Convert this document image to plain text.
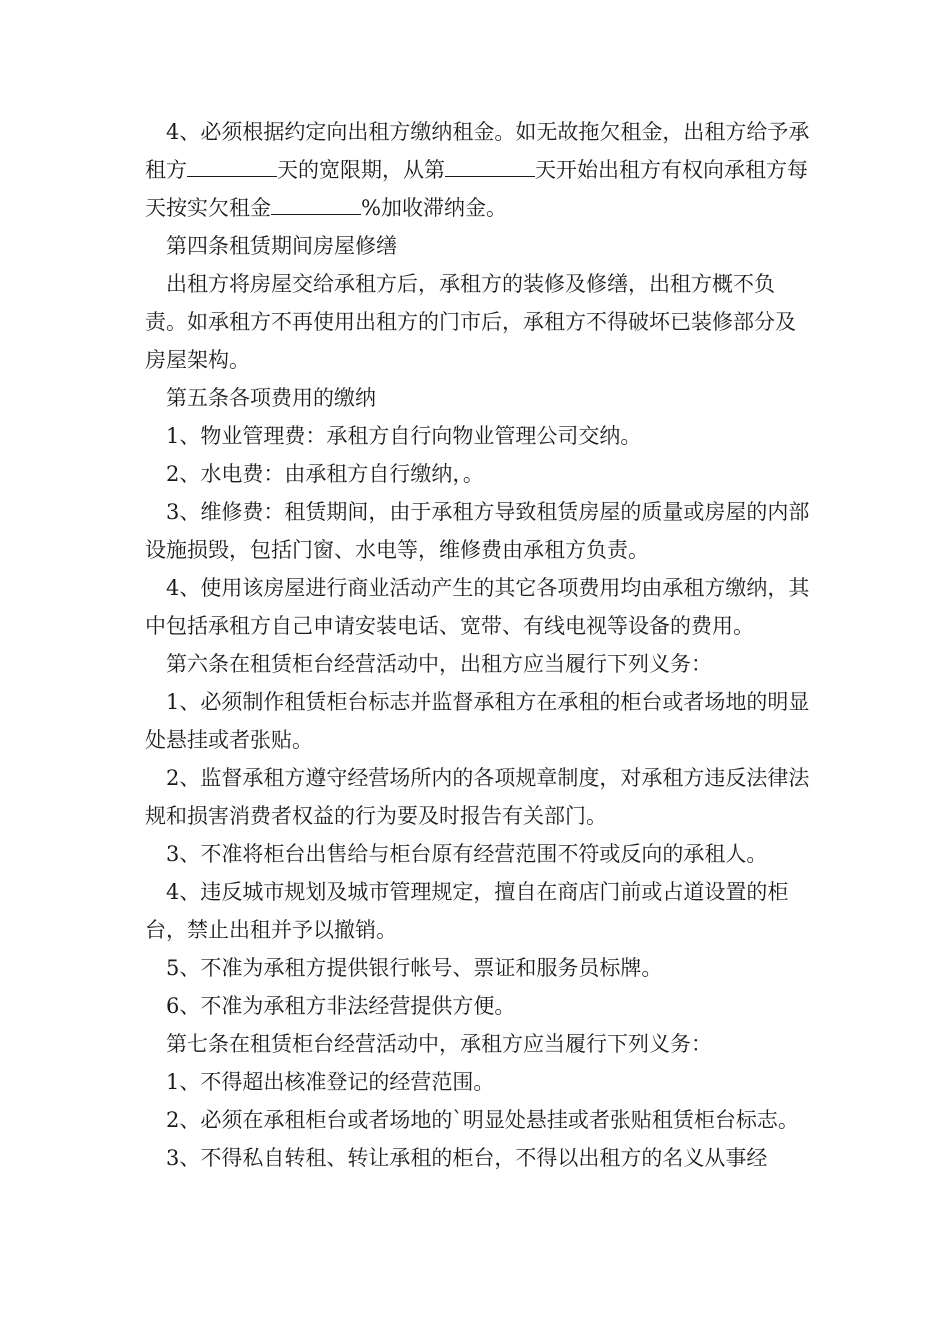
4、必须根据约定向出租方缴纳租金。如无故拖欠租金，出租方给予承租方	天的宽限期，从第	天开始出租方有权向承租方每天按实欠租金	%加收滞纳金。

第四条租赁期间房屋修缮

出租方将房屋交给承租方后，承租方的装修及修缮，出租方概不负责。如承租方不再使用出租方的门市后，承租方不得破坏已装修部分及房屋架构。

第五条各项费用的缴纳

1、物业管理费：承租方自行向物业管理公司交纳。

2、水电费：由承租方自行缴纳，。

3、维修费：租赁期间，由于承租方导致租赁房屋的质量或房屋的内部设施损毁，包括门窗、水电等，维修费由承租方负责。

4、使用该房屋进行商业活动产生的其它各项费用均由承租方缴纳，其中包括承租方自己申请安装电话、宽带、有线电视等设备的费用。

第六条在租赁柜台经营活动中，出租方应当履行下列义务：

1、必须制作租赁柜台标志并监督承租方在承租的柜台或者场地的明显处悬挂或者张贴。

2、监督承租方遵守经营场所内的各项规章制度，对承租方违反法律法规和损害消费者权益的行为要及时报告有关部门。

3、不准将柜台出售给与柜台原有经营范围不符或反向的承租人。

4、违反城市规划及城市管理规定，擅自在商店门前或占道设置的柜台，禁止出租并予以撤销。

5、不准为承租方提供银行帐号、票证和服务员标牌。

6、不准为承租方非法经营提供方便。

第七条在租赁柜台经营活动中，承租方应当履行下列义务：

1、不得超出核准登记的经营范围。

2、必须在承租柜台或者场地的`明显处悬挂或者张贴租赁柜台标志。

3、不得私自转租、转让承租的柜台，不得以出租方的名义从事经
